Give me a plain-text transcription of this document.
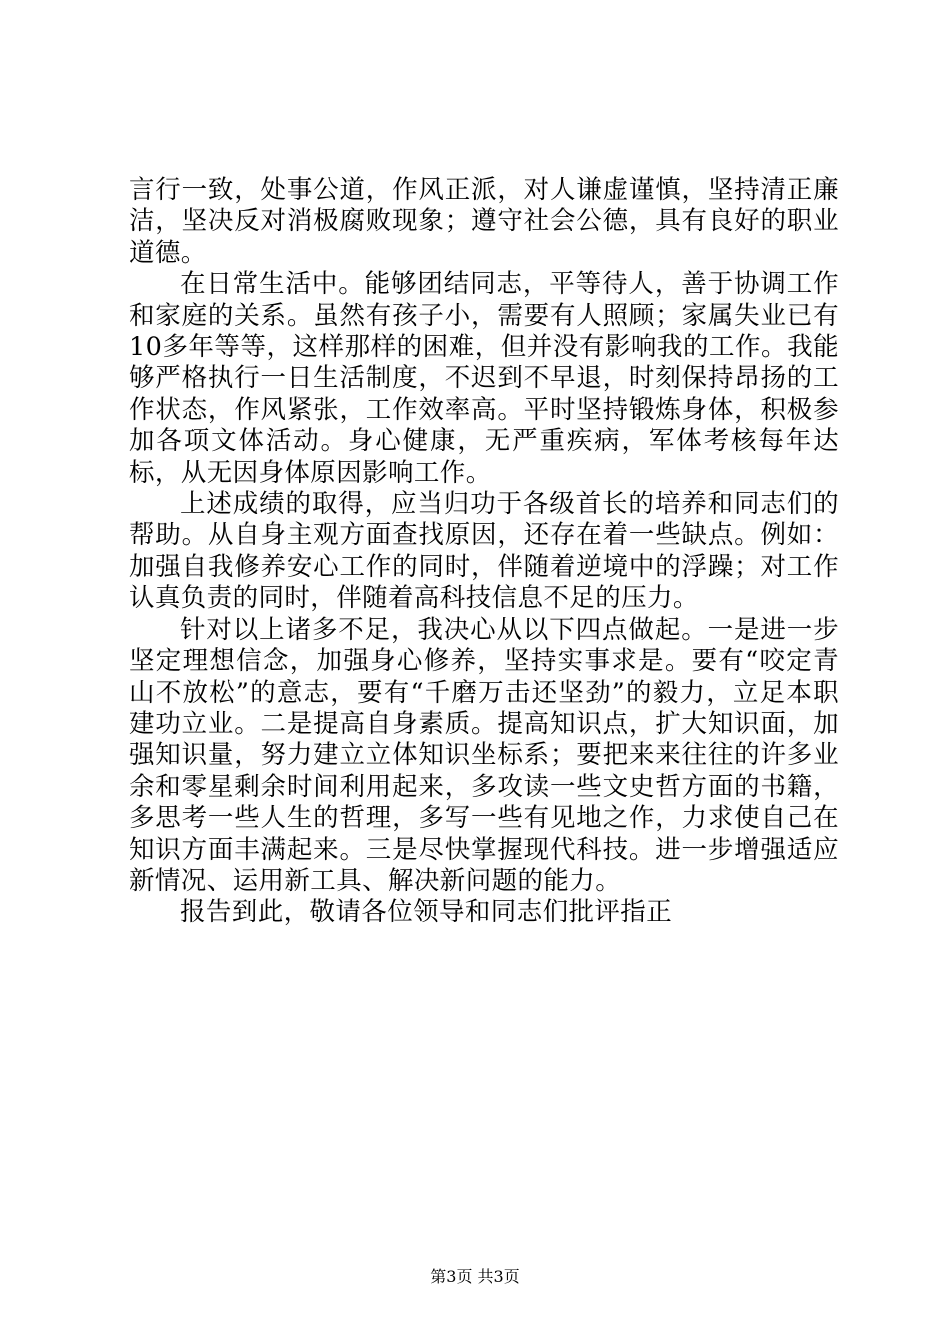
言行一致，处事公道，作风正派，对人谦虚谨慎，坚持清正廉洁，坚决反对消极腐败现象；遵守社会公德，具有良好的职业道德。

在日常生活中。能够团结同志，平等待人，善于协调工作和家庭的关系。虽然有孩子小，需要有人照顾；家属失业已有10多年等等，这样那样的困难，但并没有影响我的工作。我能够严格执行一日生活制度，不迟到不早退，时刻保持昂扬的工作状态，作风紧张，工作效率高。平时坚持锻炼身体，积极参加各项文体活动。身心健康，无严重疾病，军体考核每年达标，从无因身体原因影响工作。

上述成绩的取得，应当归功于各级首长的培养和同志们的帮助。从自身主观方面查找原因，还存在着一些缺点。例如：加强自我修养安心工作的同时，伴随着逆境中的浮躁；对工作认真负责的同时，伴随着高科技信息不足的压力。

针对以上诸多不足，我决心从以下四点做起。一是进一步坚定理想信念，加强身心修养，坚持实事求是。要有“咬定青山不放松”的意志，要有“千磨万击还坚劲”的毅力，立足本职建功立业。二是提高自身素质。提高知识点，扩大知识面，加强知识量，努力建立立体知识坐标系；要把来来往往的许多业余和零星剩余时间利用起来，多攻读一些文史哲方面的书籍，多思考一些人生的哲理，多写一些有见地之作，力求使自己在知识方面丰满起来。三是尽快掌握现代科技。进一步增强适应新情况、运用新工具、解决新问题的能力。

报告到此，敬请各位领导和同志们批评指正

第3页 共3页
